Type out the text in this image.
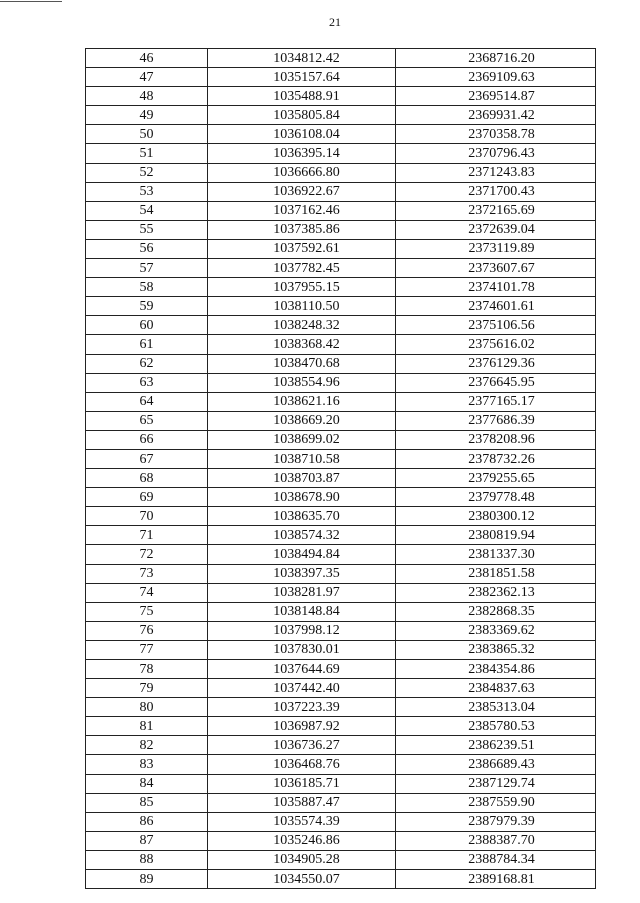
21
46	1034812.42	2368716.20
47	1035157.64	2369109.63
48	1035488.91	2369514.87
49	1035805.84	2369931.42
50	1036108.04	2370358.78
51	1036395.14	2370796.43
52	1036666.80	2371243.83
53	1036922.67	2371700.43
54	1037162.46	2372165.69
55	1037385.86	2372639.04
56	1037592.61	2373119.89
57	1037782.45	2373607.67
58	1037955.15	2374101.78
59	1038110.50	2374601.61
60	1038248.32	2375106.56
61	1038368.42	2375616.02
62	1038470.68	2376129.36
63	1038554.96	2376645.95
64	1038621.16	2377165.17
65	1038669.20	2377686.39
66	1038699.02	2378208.96
67	1038710.58	2378732.26
68	1038703.87	2379255.65
69	1038678.90	2379778.48
70	1038635.70	2380300.12
71	1038574.32	2380819.94
72	1038494.84	2381337.30
73	1038397.35	2381851.58
74	1038281.97	2382362.13
75	1038148.84	2382868.35
76	1037998.12	2383369.62
77	1037830.01	2383865.32
78	1037644.69	2384354.86
79	1037442.40	2384837.63
80	1037223.39	2385313.04
81	1036987.92	2385780.53
82	1036736.27	2386239.51
83	1036468.76	2386689.43
84	1036185.71	2387129.74
85	1035887.47	2387559.90
86	1035574.39	2387979.39
87	1035246.86	2388387.70
88	1034905.28	2388784.34
89	1034550.07	2389168.81
